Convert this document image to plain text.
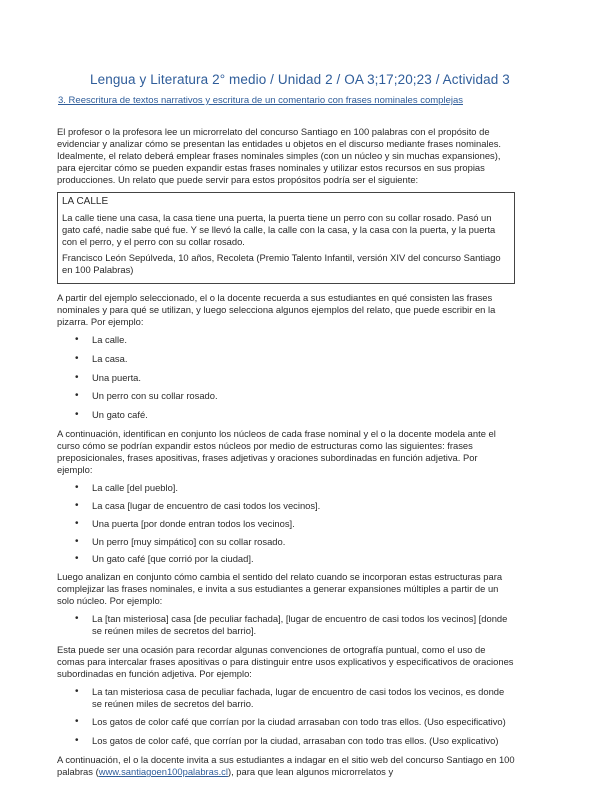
Lengua y Literatura 2° medio / Unidad 2 / OA 3;17;20;23 / Actividad 3
3. Reescritura de textos narrativos y escritura de un comentario con frases nominales complejas

El profesor o la profesora lee un microrrelato del concurso Santiago en 100 palabras con el propósito de evidenciar y analizar cómo se presentan las entidades u objetos en el discurso mediante frases nominales. Idealmente, el relato deberá emplear frases nominales simples (con un núcleo y sin muchas expansiones), para ejercitar cómo se pueden expandir estas frases nominales y utilizar estos recursos en sus propias producciones. Un relato que puede servir para estos propósitos podría ser el siguiente:

LA CALLE

La calle tiene una casa, la casa tiene una puerta, la puerta tiene un perro con su collar rosado. Pasó un gato café, nadie sabe qué fue. Y se llevó la calle, la calle con la casa, y la casa con la puerta, y la puerta con el perro, y el perro con su collar rosado.

Francisco León Sepúlveda, 10 años, Recoleta (Premio Talento Infantil, versión XIV del concurso Santiago en 100 Palabras)

A partir del ejemplo seleccionado, el o la docente recuerda a sus estudiantes en qué consisten las frases nominales y para qué se utilizan, y luego selecciona algunos ejemplos del relato, que puede escribir en la pizarra. Por ejemplo:

• La calle.
• La casa.
• Una puerta.
• Un perro con su collar rosado.
• Un gato café.

A continuación, identifican en conjunto los núcleos de cada frase nominal y el o la docente modela ante el curso cómo se podrían expandir estos núcleos por medio de estructuras como las siguientes: frases preposicionales, frases apositivas, frases adjetivas y oraciones subordinadas en función adjetiva. Por ejemplo:

• La calle [del pueblo].
• La casa [lugar de encuentro de casi todos los vecinos].
• Una puerta [por donde entran todos los vecinos].
• Un perro [muy simpático] con su collar rosado.
• Un gato café [que corrió por la ciudad].

Luego analizan en conjunto cómo cambia el sentido del relato cuando se incorporan estas estructuras para complejizar las frases nominales, e invita a sus estudiantes a generar expansiones múltiples a partir de un solo núcleo. Por ejemplo:

• La [tan misteriosa] casa [de peculiar fachada], [lugar de encuentro de casi todos los vecinos] [donde se reúnen miles de secretos del barrio].

Esta puede ser una ocasión para recordar algunas convenciones de ortografía puntual, como el uso de comas para intercalar frases apositivas o para distinguir entre usos explicativos y especificativos de oraciones subordinadas en función adjetiva. Por ejemplo:

• La tan misteriosa casa de peculiar fachada, lugar de encuentro de casi todos los vecinos, es donde se reúnen miles de secretos del barrio.
• Los gatos de color café que corrían por la ciudad arrasaban con todo tras ellos. (Uso especificativo)
• Los gatos de color café, que corrían por la ciudad, arrasaban con todo tras ellos. (Uso explicativo)

A continuación, el o la docente invita a sus estudiantes a indagar en el sitio web del concurso Santiago en 100 palabras (www.santiagoen100palabras.cl), para que lean algunos microrrelatos y
